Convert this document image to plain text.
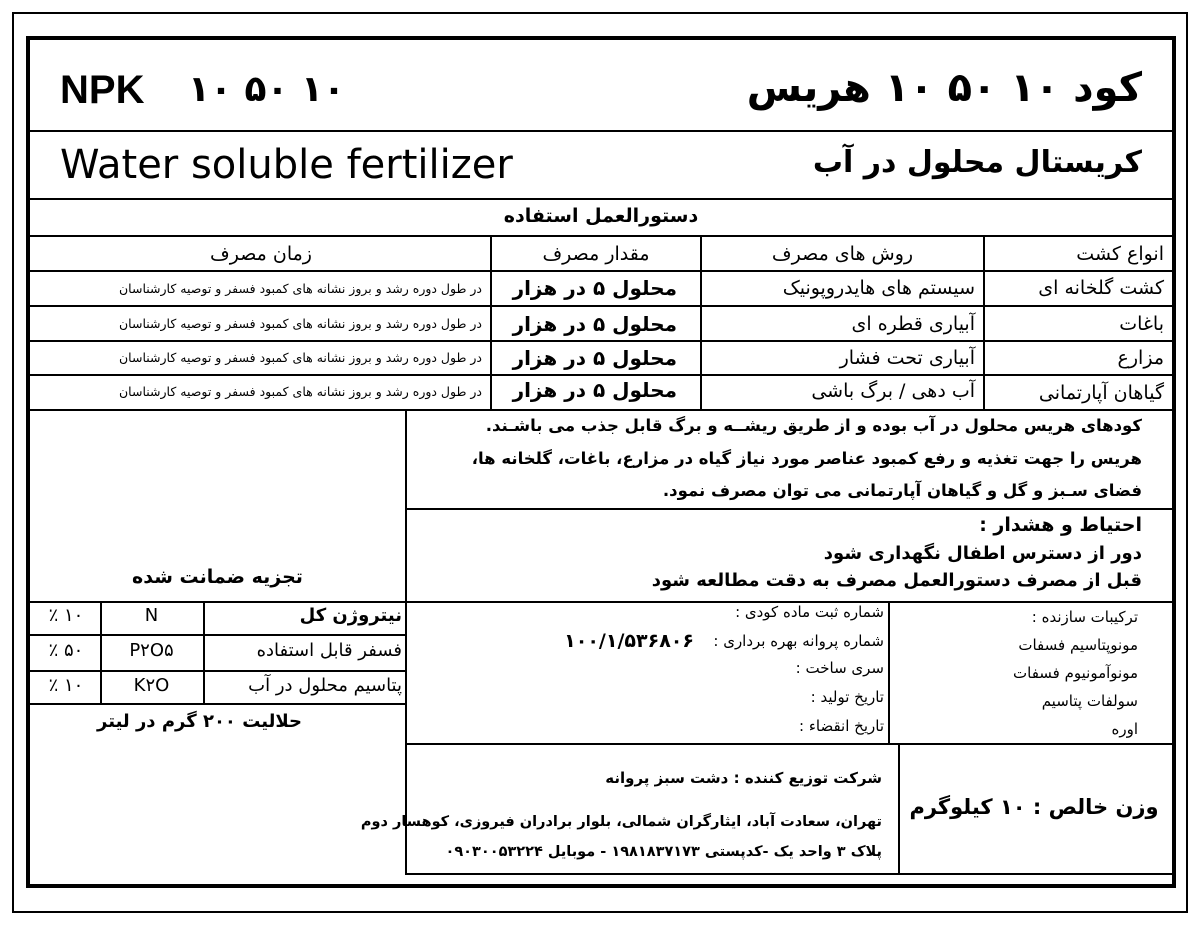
NPK ۱۰ ۵۰ ۱۰	کود ۱۰ ۵۰ ۱۰ هریس
Water soluble fertilizer	کریستال محلول در آب
دستورالعمل استفاده
انواع کشت
روش های مصرف
مقدار مصرف
زمان مصرف
کشت گلخانه ای
سیستم های هایدروپونیک
محلول ۵ در هزار
در طول دوره رشد و بروز نشانه های کمبود فسفر و توصیه کارشناسان
باغات
آبیاری قطره ای
محلول ۵ در هزار
در طول دوره رشد و بروز نشانه های کمبود فسفر و توصیه کارشناسان
مزارع
آبیاری تحت فشار
محلول ۵ در هزار
در طول دوره رشد و بروز نشانه های کمبود فسفر و توصیه کارشناسان
گیاهان آپارتمانی
آب دهی / برگ باشی
محلول ۵ در هزار
در طول دوره رشد و بروز نشانه های کمبود فسفر و توصیه کارشناسان
کودهای هریس محلول در آب بوده و از طریق ریشــه و برگ قابل جذب می باشـند.
هریس را جهت تغذیه و رفع کمبود عناصر مورد نیاز گیاه در مزارع، باغات، گلخانه ها،
فضای سـبز و گل و گیاهان آپارتمانی می توان مصرف نمود.
احتیاط و هشدار :
دور از دسترس اطفال نگهداری شود
قبل از مصرف دستورالعمل مصرف به دقت مطالعه شود
تجزیه ضمانت شده
نیتروژن کل
N
٪ ۱۰
فسفر قابل استفاده
P۲O۵
٪ ۵۰
پتاسیم محلول در آب
K۲O
٪ ۱۰
حلالیت ۲۰۰ گرم در لیتر
شماره ثبت ماده کودی :
شماره پروانه بهره برداری :
۱۰۰/۱/۵۳۶۸۰۶
سری ساخت :
تاریخ تولید :
تاریخ انقضاء :
ترکیبات سازنده :
مونوپتاسیم فسفات
مونوآمونیوم فسفات
سولفات پتاسیم
اوره
شرکت توزیع کننده : دشت سبز پروانه
تهران، سعادت آباد، ایثارگران شمالی، بلوار برادران فیروزی، کوهسار دوم
پلاک ۳ واحد یک -کدپستی ۱۹۸۱۸۳۷۱۷۳ - موبایل ۰۹۰۳۰۰۵۳۲۲۴
وزن خالص : ۱۰ کیلوگرم
